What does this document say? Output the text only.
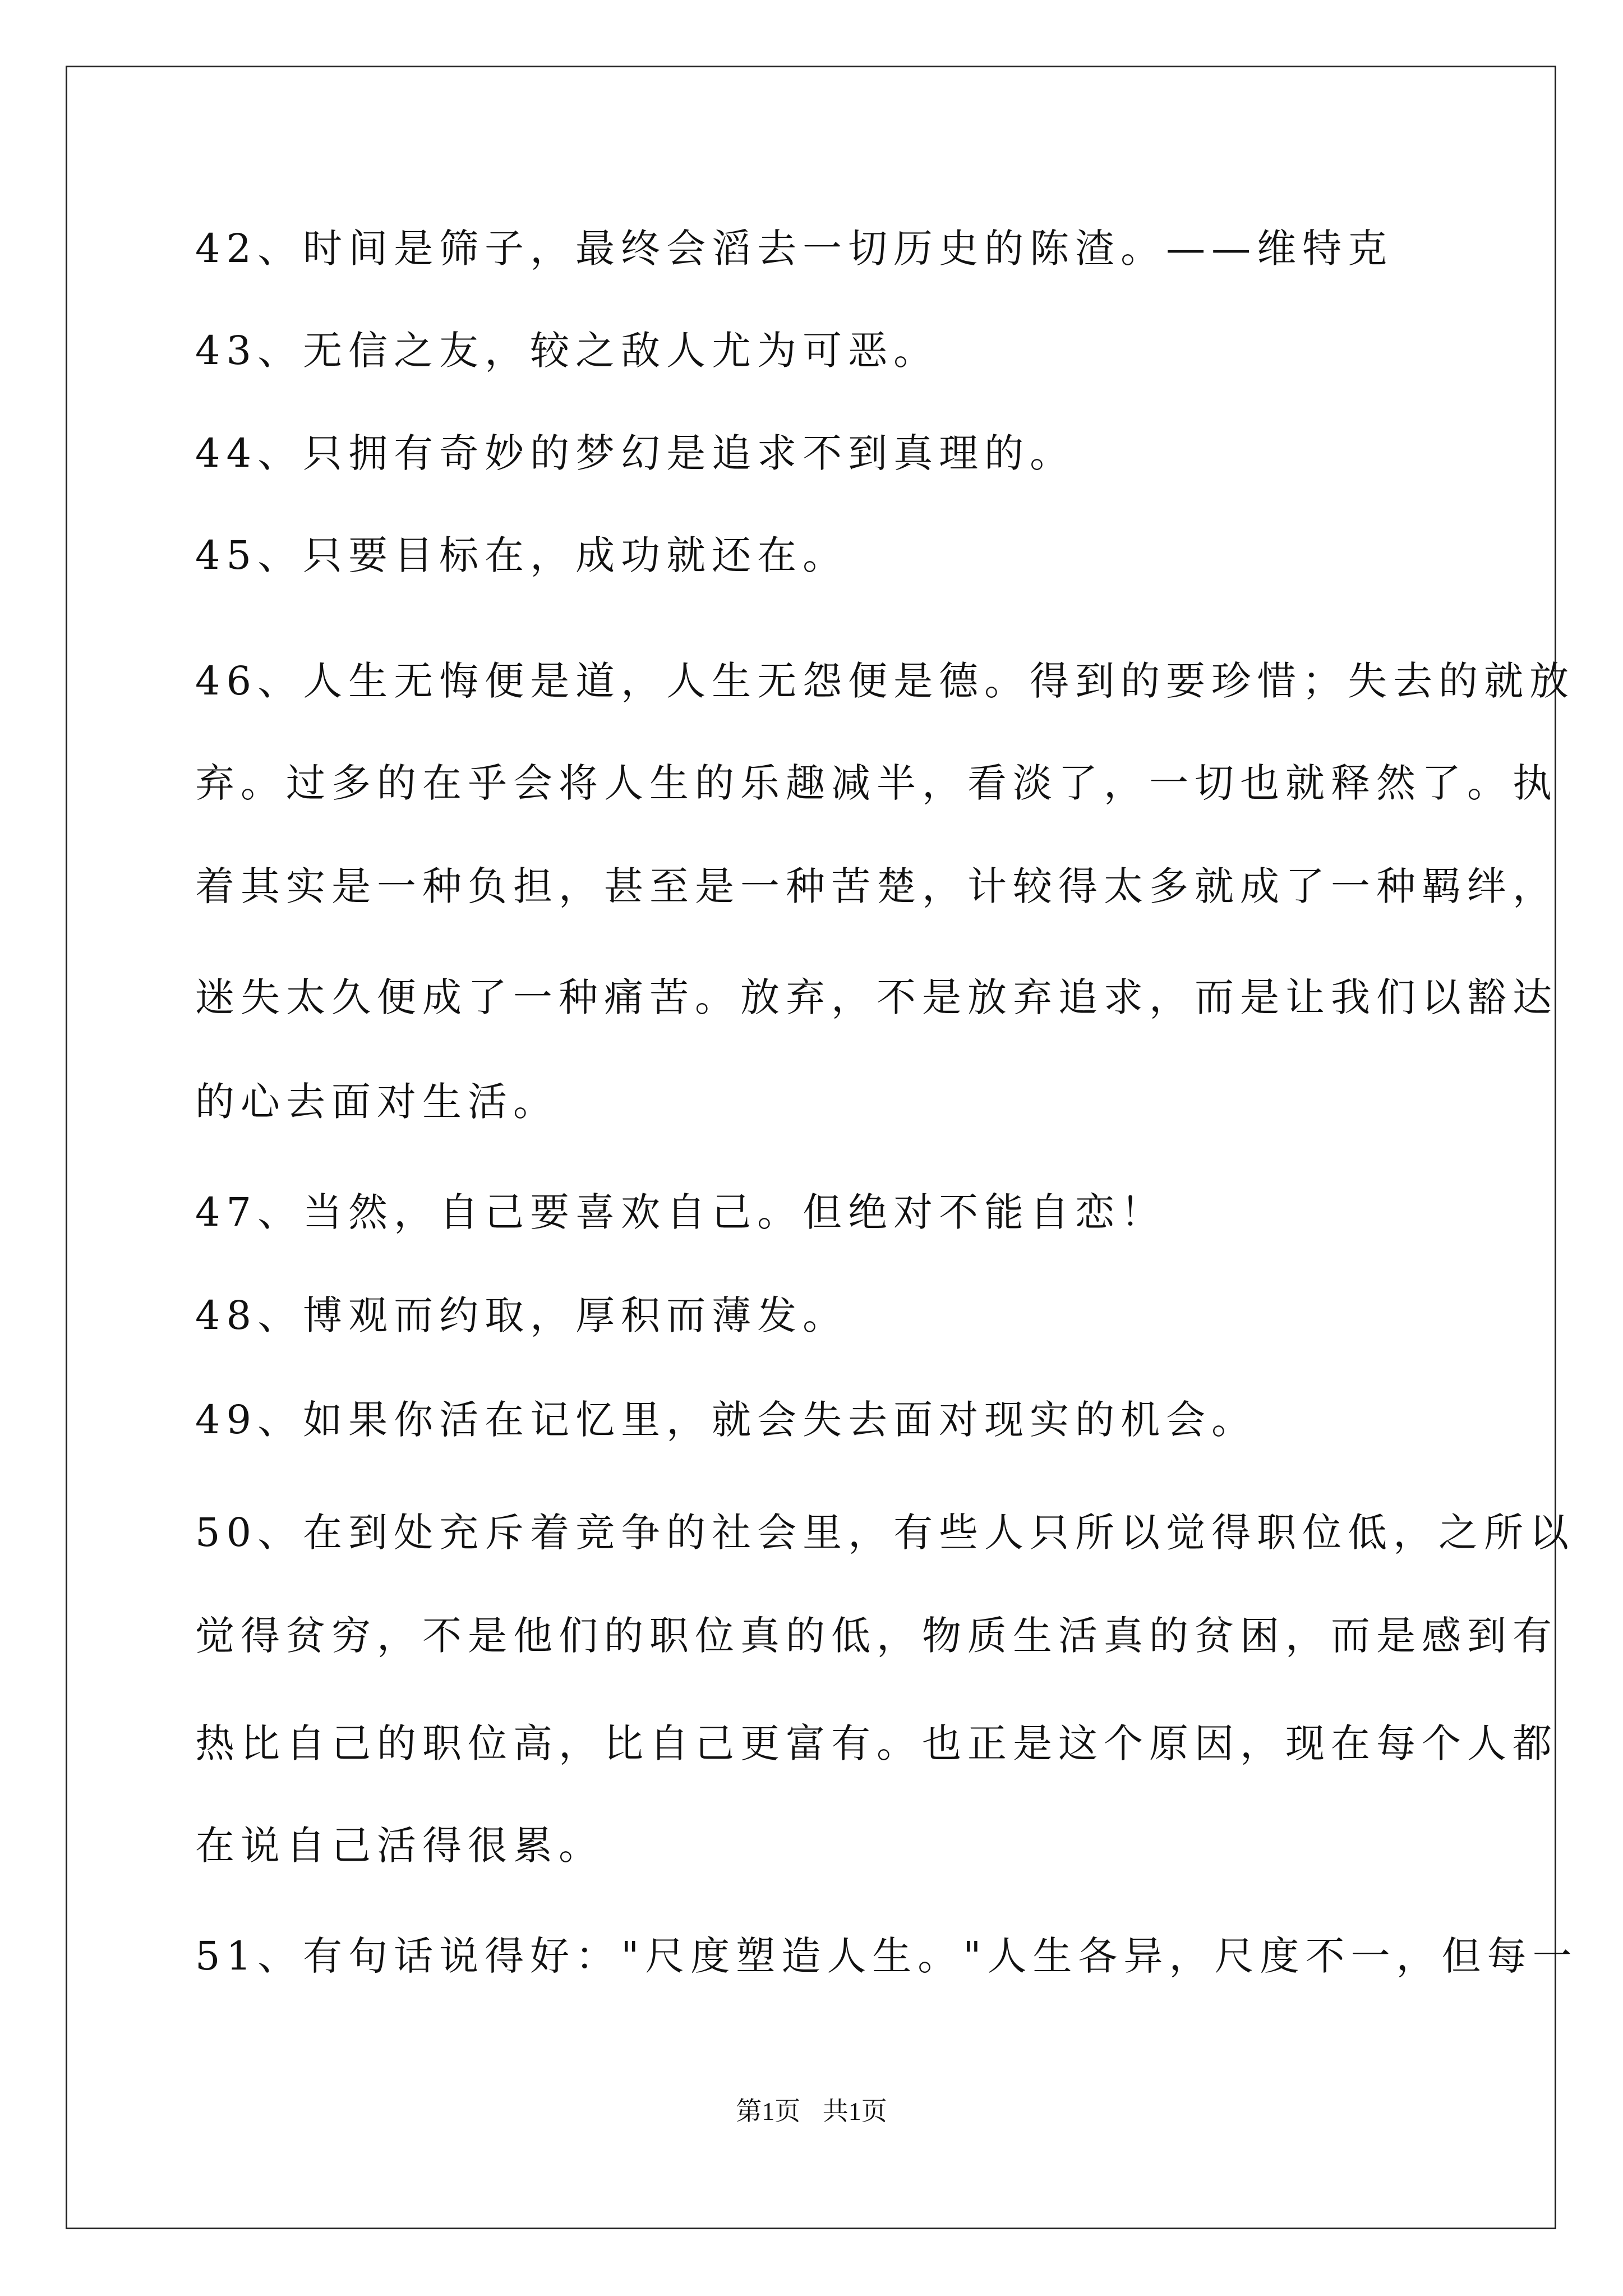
42、时间是筛子，最终会滔去一切历史的陈渣。——维特克
43、无信之友，较之敌人尤为可恶。
44、只拥有奇妙的梦幻是追求不到真理的。
45、只要目标在，成功就还在。
46、人生无悔便是道，人生无怨便是德。得到的要珍惜；失去的就放
弃。过多的在乎会将人生的乐趣减半，看淡了，一切也就释然了。执
着其实是一种负担，甚至是一种苦楚，计较得太多就成了一种羁绊，
迷失太久便成了一种痛苦。放弃，不是放弃追求，而是让我们以豁达
的心去面对生活。
47、当然，自己要喜欢自己。但绝对不能自恋！
48、博观而约取，厚积而薄发。
49、如果你活在记忆里，就会失去面对现实的机会。
50、在到处充斥着竞争的社会里，有些人只所以觉得职位低，之所以
觉得贫穷，不是他们的职位真的低，物质生活真的贫困，而是感到有
热比自己的职位高，比自己更富有。也正是这个原因，现在每个人都
在说自己活得很累。
51、有句话说得好："尺度塑造人生。"人生各异，尺度不一，但每一
第1页 共1页
